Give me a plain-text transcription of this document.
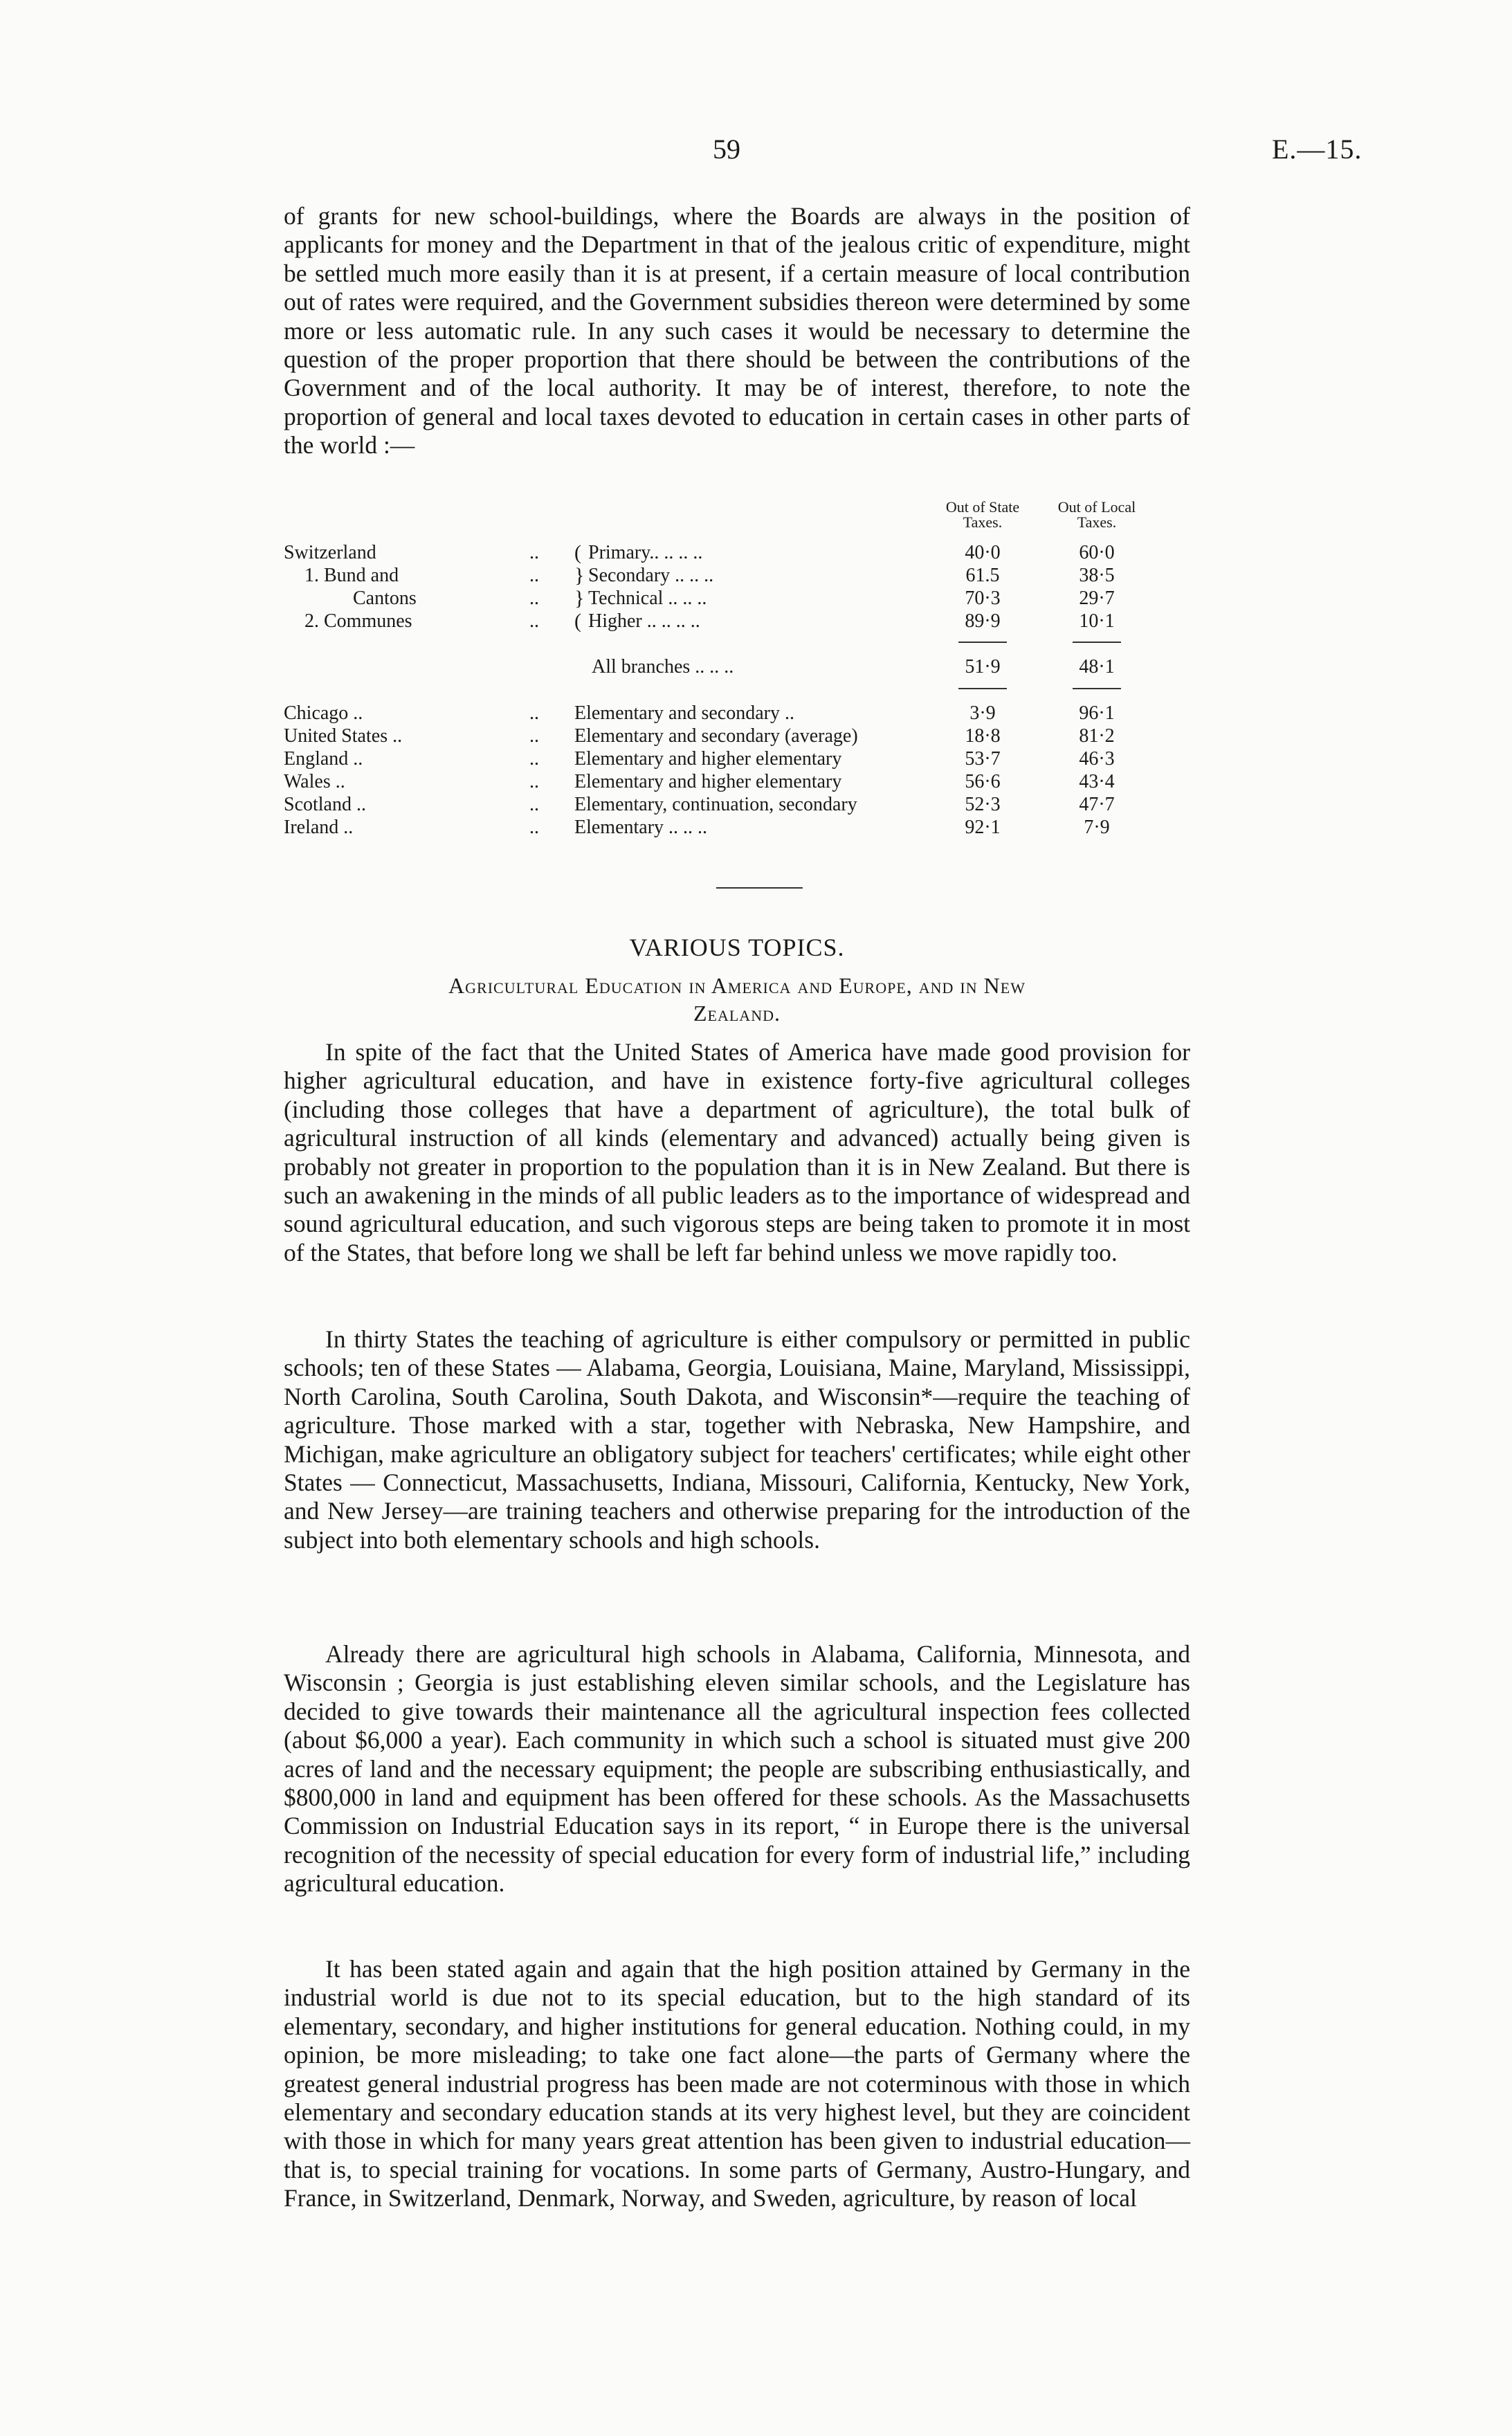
59	E.—15.

of grants for new school-buildings, where the Boards are always in the position of applicants for money and the Department in that of the jealous critic of expenditure, might be settled much more easily than it is at present, if a certain measure of local contribution out of rates were required, and the Government subsidies thereon were determined by some more or less automatic rule. In any such cases it would be necessary to determine the question of the proper proportion that there should be between the contributions of the Government and of the local authority. It may be of interest, therefore, to note the proportion of general and local taxes devoted to education in certain cases in other parts of the world :—

Out of State Taxes.
Out of Local Taxes.
Switzerland	.. ( Primary.. .. .. ..	40·0	60·0
1. Bund and	.. } Secondary .. .. ..	61.5	38·5
Cantons	.. } Technical .. .. ..	70·3	29·7
2. Communes	.. ( Higher .. .. .. ..	89·9	10·1
All branches .. .. ..	51·9	48·1
Chicago ..	.. Elementary and secondary ..	3·9	96·1
United States ..	.. Elementary and secondary (average)	18·8	81·2
England ..	.. Elementary and higher elementary	53·7	46·3
Wales ..	.. Elementary and higher elementary	56·6	43·4
Scotland ..	.. Elementary, continuation, secondary	52·3	47·7
Ireland ..	.. Elementary .. .. ..	92·1	7·9
VARIOUS TOPICS.
Agricultural Education in America and Europe, and in New Zealand.

In spite of the fact that the United States of America have made good provision for higher agricultural education, and have in existence forty-five agricultural colleges (including those colleges that have a department of agriculture), the total bulk of agricultural instruction of all kinds (elementary and advanced) actually being given is probably not greater in proportion to the population than it is in New Zealand. But there is such an awakening in the minds of all public leaders as to the importance of widespread and sound agricultural education, and such vigorous steps are being taken to promote it in most of the States, that before long we shall be left far behind unless we move rapidly too.

In thirty States the teaching of agriculture is either compulsory or permitted in public schools; ten of these States — Alabama, Georgia, Louisiana, Maine, Maryland, Mississippi, North Carolina, South Carolina, South Dakota, and Wisconsin*—require the teaching of agriculture. Those marked with a star, together with Nebraska, New Hampshire, and Michigan, make agriculture an obligatory subject for teachers' certificates; while eight other States — Connecticut, Massachusetts, Indiana, Missouri, California, Kentucky, New York, and New Jersey—are training teachers and otherwise preparing for the introduction of the subject into both elementary schools and high schools.

Already there are agricultural high schools in Alabama, California, Minnesota, and Wisconsin ; Georgia is just establishing eleven similar schools, and the Legislature has decided to give towards their maintenance all the agricultural inspection fees collected (about $6,000 a year). Each community in which such a school is situated must give 200 acres of land and the necessary equipment; the people are subscribing enthusiastically, and $800,000 in land and equipment has been offered for these schools. As the Massachusetts Commission on Industrial Education says in its report, “ in Europe there is the universal recognition of the necessity of special education for every form of industrial life,” including agricultural education.

It has been stated again and again that the high position attained by Germany in the industrial world is due not to its special education, but to the high standard of its elementary, secondary, and higher institutions for general education. Nothing could, in my opinion, be more misleading; to take one fact alone—the parts of Germany where the greatest general industrial progress has been made are not coterminous with those in which elementary and secondary education stands at its very highest level, but they are coincident with those in which for many years great attention has been given to industrial education—that is, to special training for vocations. In some parts of Germany, Austro-Hungary, and France, in Switzerland, Denmark, Norway, and Sweden, agriculture, by reason of local
